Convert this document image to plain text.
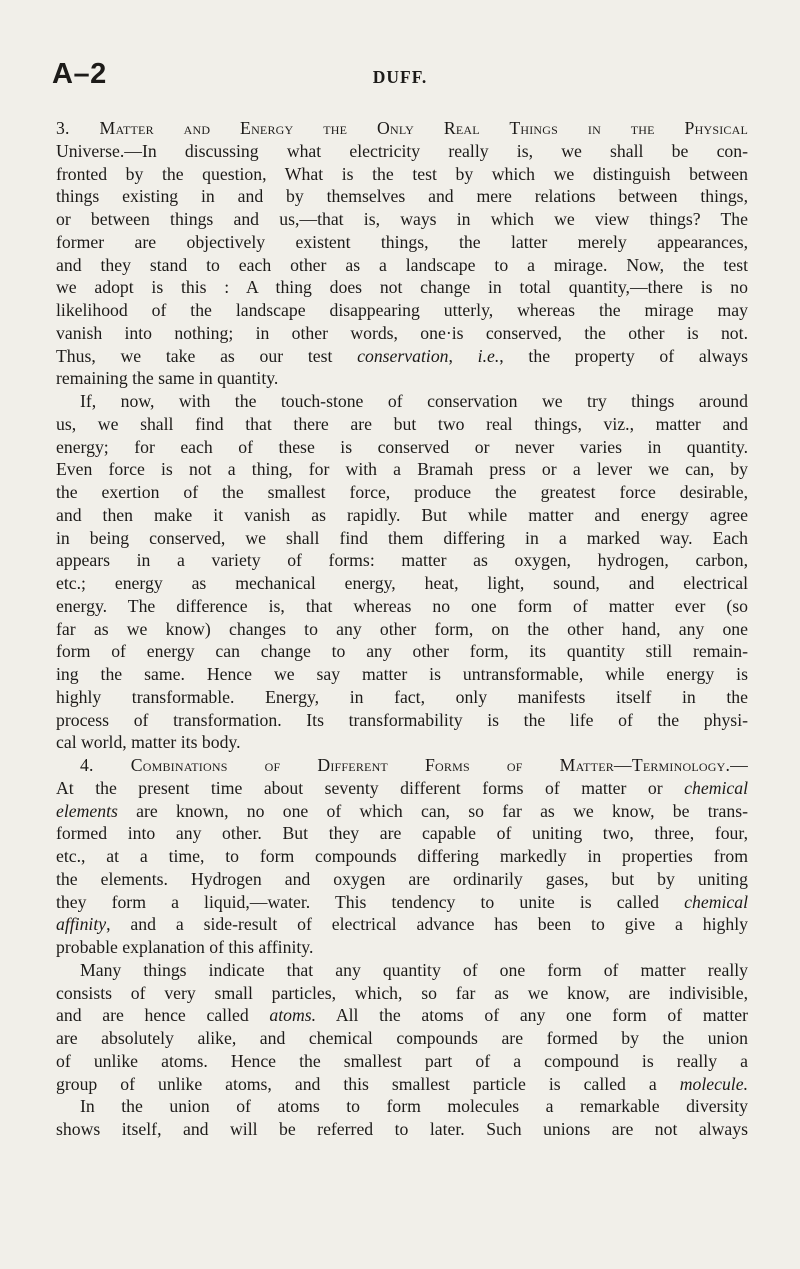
A–2	DUFF.
3. Matter and Energy the Only Real Things in the Physical
Universe.—In discussing what electricity really is, we shall be con-
fronted by the question, What is the test by which we distinguish between
things existing in and by themselves and mere relations between things,
or between things and us,—that is, ways in which we view things? The
former are objectively existent things, the latter merely appearances,
and they stand to each other as a landscape to a mirage. Now, the test
we adopt is this : A thing does not change in total quantity,—there is no
likelihood of the landscape disappearing utterly, whereas the mirage may
vanish into nothing; in other words, one·is conserved, the other is not.
Thus, we take as our test conservation, i.e., the property of always
remaining the same in quantity.
If, now, with the touch-stone of conservation we try things around
us, we shall find that there are but two real things, viz., matter and
energy; for each of these is conserved or never varies in quantity.
Even force is not a thing, for with a Bramah press or a lever we can, by
the exertion of the smallest force, produce the greatest force desirable,
and then make it vanish as rapidly. But while matter and energy agree
in being conserved, we shall find them differing in a marked way. Each
appears in a variety of forms: matter as oxygen, hydrogen, carbon,
etc.; energy as mechanical energy, heat, light, sound, and electrical
energy. The difference is, that whereas no one form of matter ever (so
far as we know) changes to any other form, on the other hand, any one
form of energy can change to any other form, its quantity still remain-
ing the same. Hence we say matter is untransformable, while energy is
highly transformable. Energy, in fact, only manifests itself in the
process of transformation. Its transformability is the life of the physi-
cal world, matter its body.
4. Combinations of Different Forms of Matter—Terminology.—
At the present time about seventy different forms of matter or chemical
elements are known, no one of which can, so far as we know, be trans-
formed into any other. But they are capable of uniting two, three, four,
etc., at a time, to form compounds differing markedly in properties from
the elements. Hydrogen and oxygen are ordinarily gases, but by uniting
they form a liquid,—water. This tendency to unite is called chemical
affinity, and a side-result of electrical advance has been to give a highly
probable explanation of this affinity.
Many things indicate that any quantity of one form of matter really
consists of very small particles, which, so far as we know, are indivisible,
and are hence called atoms. All the atoms of any one form of matter
are absolutely alike, and chemical compounds are formed by the union
of unlike atoms. Hence the smallest part of a compound is really a
group of unlike atoms, and this smallest particle is called a molecule.
In the union of atoms to form molecules a remarkable diversity
shows itself, and will be referred to later. Such unions are not always
